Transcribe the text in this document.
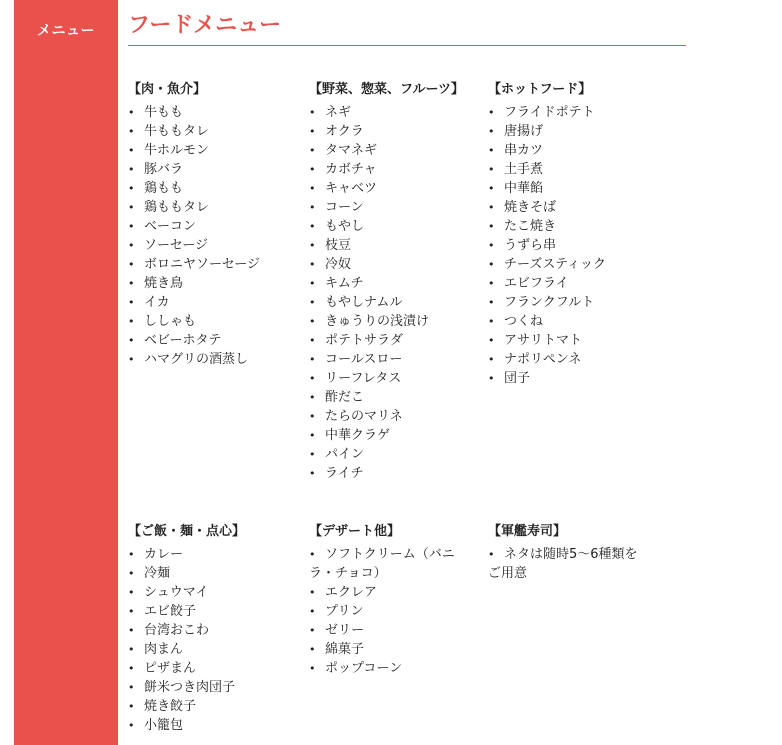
メニュー	フードメニュー
【肉・魚介】
• 牛もも
• 牛ももタレ
• 牛ホルモン
• 豚バラ
• 鶏もも
• 鶏ももタレ
• ベーコン
• ソーセージ
• ボロニヤソーセージ
• 焼き鳥
• イカ
• ししゃも
• ベビーホタテ
• ハマグリの酒蒸し
【野菜、惣菜、フルーツ】
• ネギ
• オクラ
• タマネギ
• カボチャ
• キャベツ
• コーン
• もやし
• 枝豆
• 冷奴
• キムチ
• もやしナムル
• きゅうりの浅漬け
• ポテトサラダ
• コールスロー
• リーフレタス
• 酢だこ
• たらのマリネ
• 中華クラゲ
• パイン
• ライチ
【ホットフード】
• フライドポテト
• 唐揚げ
• 串カツ
• 土手煮
• 中華餡
• 焼きそば
• たこ焼き
• うずら串
• チーズスティック
• エビフライ
• フランクフルト
• つくね
• アサリトマト
• ナポリペンネ
• 団子
【ご飯・麺・点心】
• カレー
• 冷麺
• シュウマイ
• エビ餃子
• 台湾おこわ
• 肉まん
• ピザまん
• 餅米つき肉団子
• 焼き餃子
• 小籠包
【デザート他】
• ソフトクリーム（バニラ・チョコ）
• エクレア
• プリン
• ゼリー
• 綿菓子
• ポップコーン
【軍艦寿司】
• ネタは随時5～6種類をご用意
